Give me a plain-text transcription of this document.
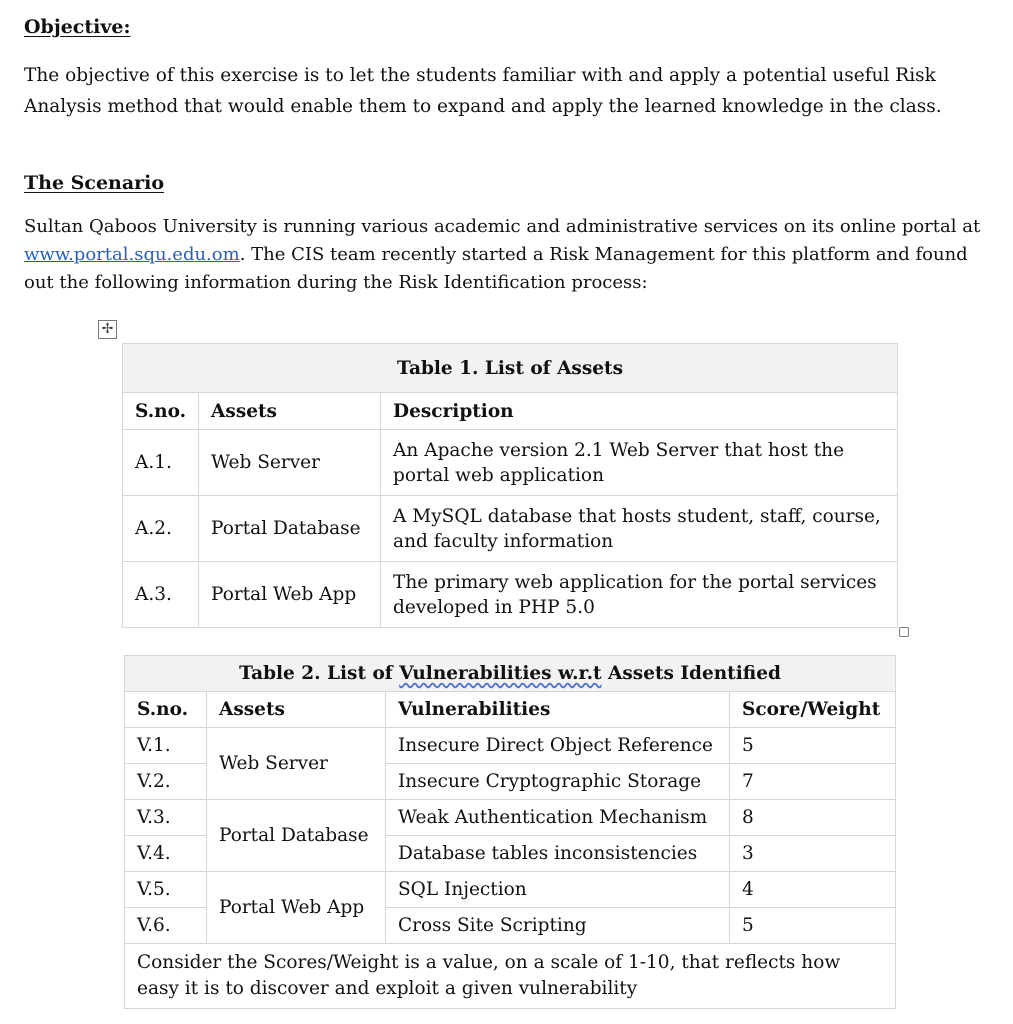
Objective:

The objective of this exercise is to let the students familiar with and apply a potential useful Risk Analysis method that would enable them to expand and apply the learned knowledge in the class.

The Scenario

Sultan Qaboos University is running various academic and administrative services on its online portal at www.portal.squ.edu.om. The CIS team recently started a Risk Management for this platform and found out the following information during the Risk Identification process:

✢
Table 1. List of Assets		
S.no.	Assets	Description
A.1.	Web Server	An Apache version 2.1 Web Server that host the portal web application
A.2.	Portal Database	A MySQL database that hosts student, staff, course, and faculty information
A.3.	Portal Web App	The primary web application for the portal services developed in PHP 5.0
Table 2. List of Vulnerabilities w.r.t Assets Identified			
S.no.	Assets	Vulnerabilities	Score/Weight
V.1.	Web Server	Insecure Direct Object Reference	5
V.2.		Insecure Cryptographic Storage	7
V.3.	Portal Database	Weak Authentication Mechanism	8
V.4.		Database tables inconsistencies	3
V.5.	Portal Web App	SQL Injection	4
V.6.		Cross Site Scripting	5
Consider the Scores/Weight is a value, on a scale of 1-10, that reflects how easy it is to discover and exploit a given vulnerability			
